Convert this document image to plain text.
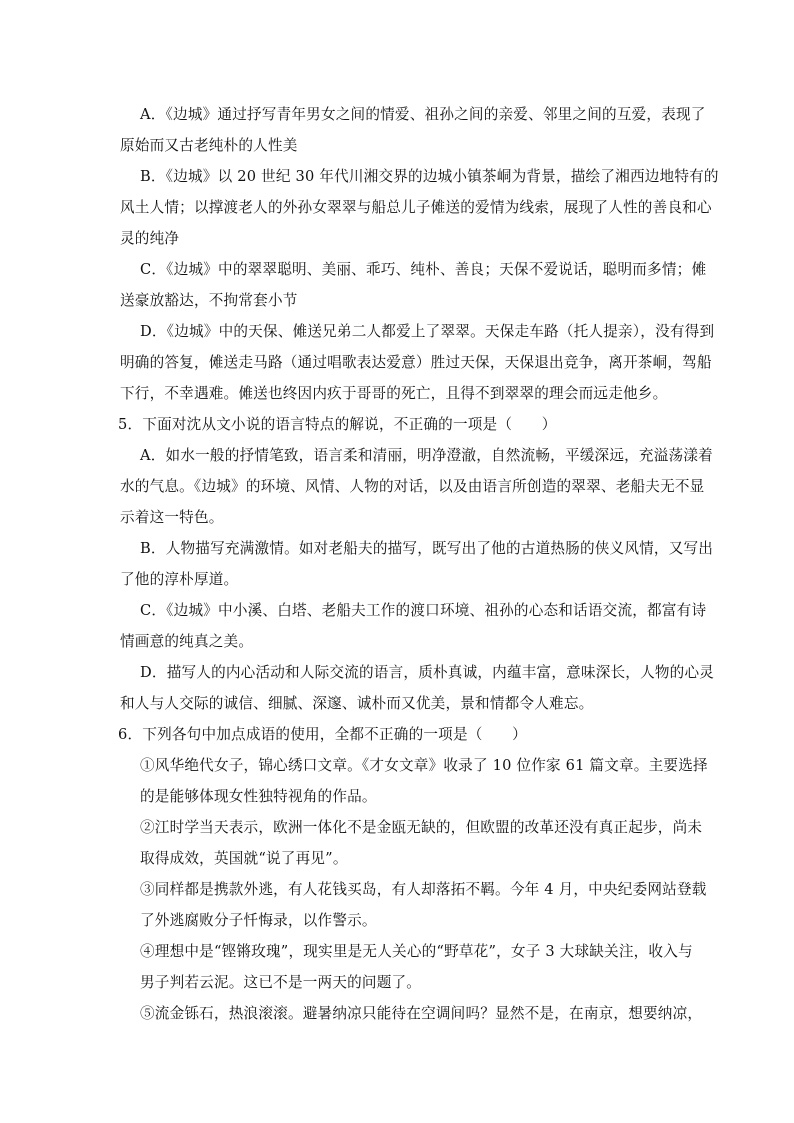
A．《边城》通过抒写青年男女之间的情爱、祖孙之间的亲爱、邻里之间的互爱，表现了
原始而又古老纯朴的人性美

B．《边城》以 20 世纪 30 年代川湘交界的边城小镇茶峒为背景，描绘了湘西边地特有的
风土人情；以撑渡老人的外孙女翠翠与船总儿子傩送的爱情为线索，展现了人性的善良和心
灵的纯净

C．《边城》中的翠翠聪明、美丽、乖巧、纯朴、善良；天保不爱说话，聪明而多情；傩
送豪放豁达，不拘常套小节

D．《边城》中的天保、傩送兄弟二人都爱上了翠翠。天保走车路（托人提亲），没有得到
明确的答复，傩送走马路（通过唱歌表达爱意）胜过天保，天保退出竞争，离开茶峒，驾船
下行，不幸遇难。傩送也终因内疚于哥哥的死亡，且得不到翠翠的理会而远走他乡。

5．下面对沈从文小说的语言特点的解说，不正确的一项是（　　）

A．如水一般的抒情笔致，语言柔和清丽，明净澄澈，自然流畅，平缓深远，充溢荡漾着
水的气息。《边城》的环境、风情、人物的对话，以及由语言所创造的翠翠、老船夫无不显
示着这一特色。

B．人物描写充满激情。如对老船夫的描写，既写出了他的古道热肠的侠义风情，又写出
了他的淳朴厚道。

C．《边城》中小溪、白塔、老船夫工作的渡口环境、祖孙的心态和话语交流，都富有诗
情画意的纯真之美。

D．描写人的内心活动和人际交流的语言，质朴真诚，内蕴丰富，意味深长，人物的心灵
和人与人交际的诚信、细腻、深邃、诚朴而又优美，景和情都令人难忘。

6．下列各句中加点成语的使用，全都不正确的一项是（　　）

①风华绝代女子，锦心绣口文章。《才女文章》收录了 10 位作家 61 篇文章。主要选择
的是能够体现女性独特视角的作品。

②江时学当天表示，欧洲一体化不是金瓯无缺的，但欧盟的改革还没有真正起步，尚未
取得成效，英国就“说了再见”。

③同样都是携款外逃，有人花钱买岛，有人却落拓不羁。今年 4 月，中央纪委网站登载
了外逃腐败分子忏悔录，以作警示。

④理想中是“铿锵玫瑰”，现实里是无人关心的“野草花”，女子 3 大球缺关注，收入与
男子判若云泥。这已不是一两天的问题了。

⑤流金铄石，热浪滚滚。避暑纳凉只能待在空调间吗？显然不是，在南京，想要纳凉，
